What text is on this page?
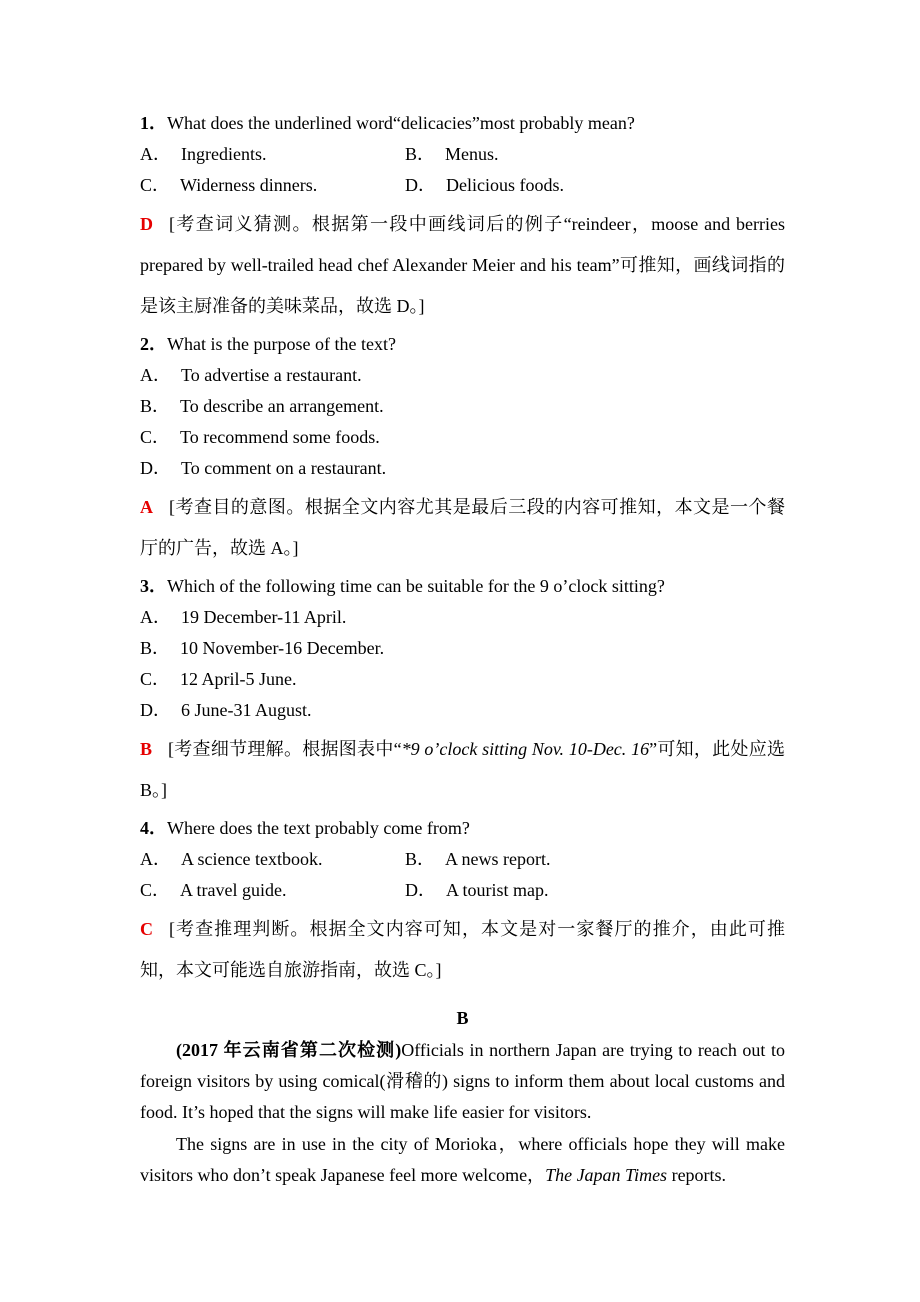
1．What does the underlined word“delicacies”most probably mean?
A． Ingredients.	B． Menus.
C． Widerness dinners.	D． Delicious foods.

D [考查词义猜测。根据第一段中画线词后的例子“reindeer，moose and berries prepared by well-trailed head chef Alexander Meier and his team”可推知，画线词指的是该主厨准备的美味菜品，故选 D。]

2．What is the purpose of the text?
A． To advertise a restaurant.
B． To describe an arrangement.
C． To recommend some foods.
D． To comment on a restaurant.

A [考查目的意图。根据全文内容尤其是最后三段的内容可推知，本文是一个餐厅的广告，故选 A。]

3．Which of the following time can be suitable for the 9 o’clock sitting?
A． 19 December-11 April.
B． 10 November-16 December.
C． 12 April-5 June.
D． 6 June-31 August.

B [考查细节理解。根据图表中“*9 o’clock sitting Nov. 10-Dec. 16”可知，此处应选 B。]

4．Where does the text probably come from?
A． A science textbook.	B． A news report.
C． A travel guide.	D． A tourist map.

C [考查推理判断。根据全文内容可知，本文是对一家餐厅的推介，由此可推知，本文可能选自旅游指南，故选 C。]

B

(2017 年云南省第二次检测)Officials in northern Japan are trying to reach out to foreign visitors by using comical(滑稽的) signs to inform them about local customs and food. It’s hoped that the signs will make life easier for visitors.

The signs are in use in the city of Morioka，where officials hope they will make visitors who don’t speak Japanese feel more welcome，The Japan Times reports.
